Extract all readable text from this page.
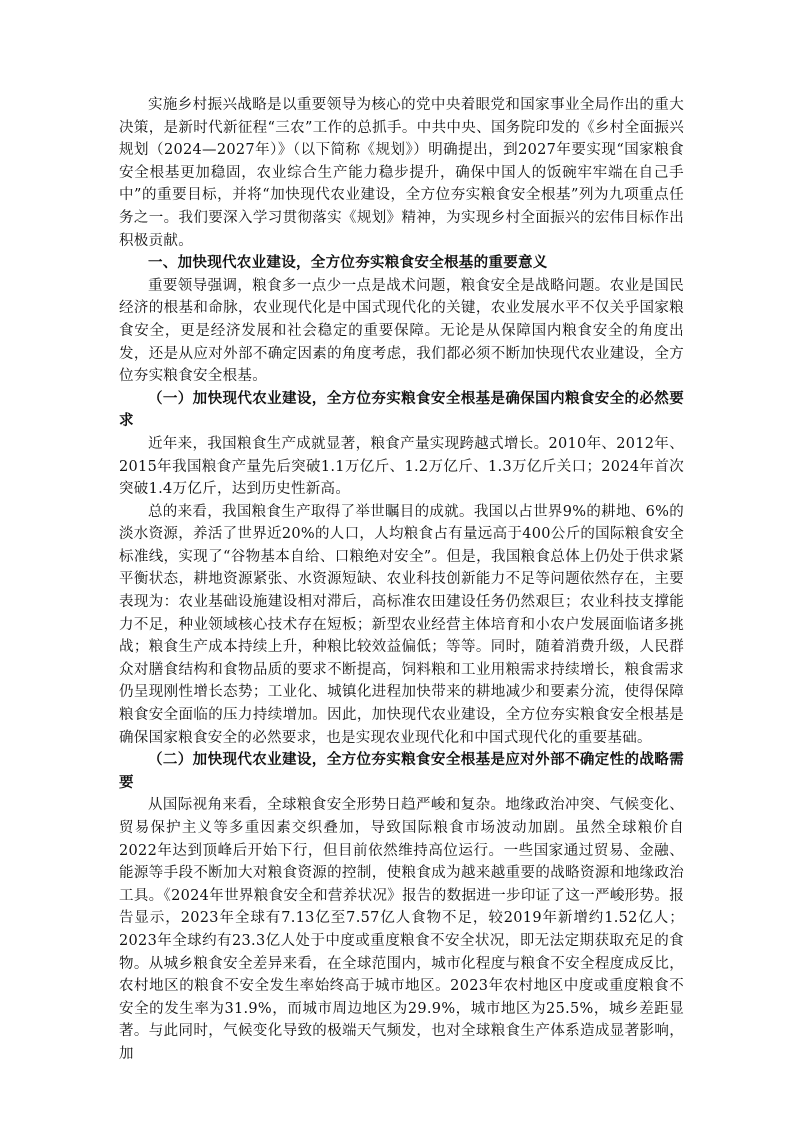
实施乡村振兴战略是以重要领导为核心的党中央着眼党和国家事业全局作出的重大决策，是新时代新征程“三农”工作的总抓手。中共中央、国务院印发的《乡村全面振兴规划（2024—2027年）》（以下简称《规划》）明确提出，到2027年要实现“国家粮食安全根基更加稳固，农业综合生产能力稳步提升，确保中国人的饭碗牢牢端在自己手中”的重要目标，并将“加快现代农业建设，全方位夯实粮食安全根基”列为九项重点任务之一。我们要深入学习贯彻落实《规划》精神，为实现乡村全面振兴的宏伟目标作出积极贡献。

一、加快现代农业建设，全方位夯实粮食安全根基的重要意义

重要领导强调，粮食多一点少一点是战术问题，粮食安全是战略问题。农业是国民经济的根基和命脉，农业现代化是中国式现代化的关键，农业发展水平不仅关乎国家粮食安全，更是经济发展和社会稳定的重要保障。无论是从保障国内粮食安全的角度出发，还是从应对外部不确定因素的角度考虑，我们都必须不断加快现代农业建设，全方位夯实粮食安全根基。

（一）加快现代农业建设，全方位夯实粮食安全根基是确保国内粮食安全的必然要求

近年来，我国粮食生产成就显著，粮食产量实现跨越式增长。2010年、2012年、2015年我国粮食产量先后突破1.1万亿斤、1.2万亿斤、1.3万亿斤关口；2024年首次突破1.4万亿斤，达到历史性新高。

总的来看，我国粮食生产取得了举世瞩目的成就。我国以占世界9%的耕地、6%的淡水资源，养活了世界近20%的人口，人均粮食占有量远高于400公斤的国际粮食安全标准线，实现了“谷物基本自给、口粮绝对安全”。但是，我国粮食总体上仍处于供求紧平衡状态，耕地资源紧张、水资源短缺、农业科技创新能力不足等问题依然存在，主要表现为：农业基础设施建设相对滞后，高标准农田建设任务仍然艰巨；农业科技支撑能力不足，种业领域核心技术存在短板；新型农业经营主体培育和小农户发展面临诸多挑战；粮食生产成本持续上升，种粮比较效益偏低；等等。同时，随着消费升级，人民群众对膳食结构和食物品质的要求不断提高，饲料粮和工业用粮需求持续增长，粮食需求仍呈现刚性增长态势；工业化、城镇化进程加快带来的耕地减少和要素分流，使得保障粮食安全面临的压力持续增加。因此，加快现代农业建设，全方位夯实粮食安全根基是确保国家粮食安全的必然要求，也是实现农业现代化和中国式现代化的重要基础。

（二）加快现代农业建设，全方位夯实粮食安全根基是应对外部不确定性的战略需要

从国际视角来看，全球粮食安全形势日趋严峻和复杂。地缘政治冲突、气候变化、贸易保护主义等多重因素交织叠加，导致国际粮食市场波动加剧。虽然全球粮价自2022年达到顶峰后开始下行，但目前依然维持高位运行。一些国家通过贸易、金融、能源等手段不断加大对粮食资源的控制，使粮食成为越来越重要的战略资源和地缘政治工具。《2024年世界粮食安全和营养状况》报告的数据进一步印证了这一严峻形势。报告显示，2023年全球有7.13亿至7.57亿人食物不足，较2019年新增约1.52亿人；2023年全球约有23.3亿人处于中度或重度粮食不安全状况，即无法定期获取充足的食物。从城乡粮食安全差异来看，在全球范围内，城市化程度与粮食不安全程度成反比，农村地区的粮食不安全发生率始终高于城市地区。2023年农村地区中度或重度粮食不安全的发生率为31.9%，而城市周边地区为29.9%，城市地区为25.5%，城乡差距显著。与此同时，气候变化导致的极端天气频发，也对全球粮食生产体系造成显著影响，加
